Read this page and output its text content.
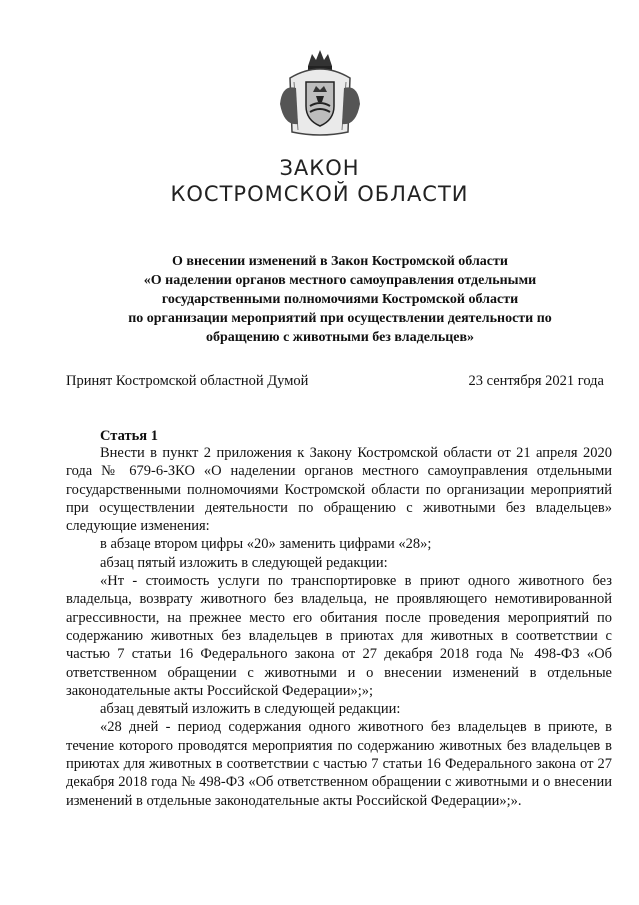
ЗАКОН
КОСТРОМСКОЙ ОБЛАСТИ
О внесении изменений в Закон Костромской области
«О наделении органов местного самоуправления отдельными
государственными полномочиями Костромской области
по организации мероприятий при осуществлении деятельности по
обращению с животными без владельцев»
Принят Костромской областной Думой	23 сентября 2021 года
Статья 1

Внести в пункт 2 приложения к Закону Костромской области от 21 апреля 2020 года № 679-6-ЗКО «О наделении органов местного самоуправления отдельными государственными полномочиями Костромской области по организации мероприятий при осуществлении деятельности по обращению с животными без владельцев» следующие изменения:

в абзаце втором цифры «20» заменить цифрами «28»;

абзац пятый изложить в следующей редакции:

«Нт - стоимость услуги по транспортировке в приют одного животного без владельца, возврату животного без владельца, не проявляющего немотивированной агрессивности, на прежнее место его обитания после проведения мероприятий по содержанию животных без владельцев в приютах для животных в соответствии с частью 7 статьи 16 Федерального закона от 27 декабря 2018 года № 498-ФЗ «Об ответственном обращении с животными и о внесении изменений в отдельные законодательные акты Российской Федерации»;»;

абзац девятый изложить в следующей редакции:

«28 дней - период содержания одного животного без владельцев в приюте, в течение которого проводятся мероприятия по содержанию животных без владельцев в приютах для животных в соответствии с частью 7 статьи 16 Федерального закона от 27 декабря 2018 года № 498-ФЗ «Об ответственном обращении с животными и о внесении изменений в отдельные законодательные акты Российской Федерации»;».
